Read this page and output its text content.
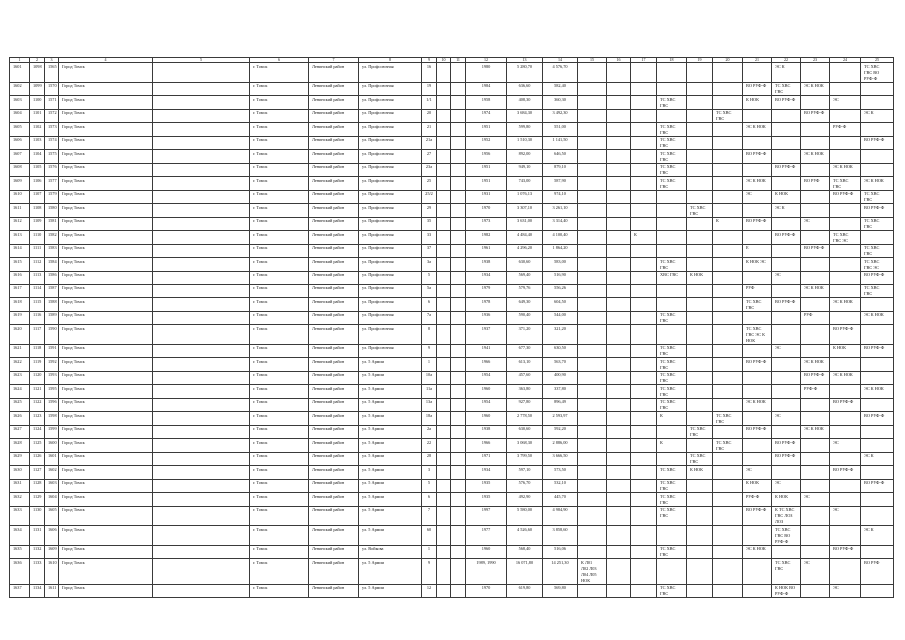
1	2	3	4	5	6	7	8	9	10	11	12	13	14	15	16	17	18	19	20	21	22	23	24	25
1601	1098	1565	Город Томск		г. Томск	Ленинский район	ул. Профсоюзная	16			1980	5 280,70	4 576,70								ЭС К			ТС ХВС
ГВС ВО
РУФ-Ф
1602	1099	1570	Город Томск		г. Томск	Ленинский район	ул. Профсоюзная	19			1984	636,60	582,40							ВО РУФ-Ф	ТС ХВС
ГВС	ЭС К НОК		
1603	1100	1571	Город Томск		г. Томск	Ленинский район	ул. Профсоюзная	1/1			1958	408,30	360,30				ТС ХВС
ГВС			К НОК	ВО РУФ-Ф		ЭС	
1604	1101	1572	Город Томск		г. Томск	Ленинский район	ул. Профсоюзная	20			1974	3 684,30	3 492,30						ТС ХВС
ГВС			ВО РУФ-Ф		ЭС К
1605	1102	1573	Город Томск		г. Томск	Ленинский район	ул. Профсоюзная	21			1951	599,80	551,00				ТС ХВС
ГВС			ЭС К НОК			РУФ-Ф	
1606	1103	1574	Город Томск		г. Томск	Ленинский район	ул. Профсоюзная	21а			1952	1 510,30	1 141,50				ТС ХВС
ГВС							ВО РУФ-Ф
1607	1104	1575	Город Томск		г. Томск	Ленинский район	ул. Профсоюзная	27			1956	892,00	646,50				ТС ХВС
ГВС			ВО РУФ-Ф		ЭС К НОК		
1608	1105	1576	Город Томск		г. Томск	Ленинский район	ул. Профсоюзная	23а			1951	949,10	879,10				ТС ХВС
ГВС				ВО РУФ-Ф		ЭС К НОК	
1609	1106	1577	Город Томск		г. Томск	Ленинский район	ул. Профсоюзная	25			1951	743,00	587,90				ТС ХВС
ГВС			ЭС К НОК		ВО РУФ	ТС ХВС
ГВС	ЭС К НОК
1610	1107	1579	Город Томск		г. Томск	Ленинский район	ул. Профсоюзная	25/2			1931	1 076,13	974,10							ЭС	К НОК		ВО РУФ-Ф	ТС ХВС
ГВС
1611	1108	1580	Город Томск		г. Томск	Ленинский район	ул. Профсоюзная	29			1970	3 307,10	3 261,10					ТС ХВС
ГВС			ЭС К			ВО РУФ-Ф
1612	1109	1581	Город Томск		г. Томск	Ленинский район	ул. Профсоюзная	35			1973	3 631,00	3 314,40						К	ВО РУФ-Ф		ЭС		ТС ХВС
ГВС
1613	1110	1582	Город Томск		г. Томск	Ленинский район	ул. Профсоюзная	33			1982	4 484,40	4 100,40			К					ВО РУФ-Ф		ТС ХВС
ГВС ЭС	
1614	1111	1583	Город Томск		г. Томск	Ленинский район	ул. Профсоюзная	37			1961	4 296,20	1 864,20							Е		ВО РУФ-Ф		ТС ХВС
ГВС
1615	1112	1584	Город Томск		г. Томск	Ленинский район	ул. Профсоюзная	3а			1938	630,60	583,00				ТС ХВС
ГВС			К НОК ЭС				ТС ХВС
ГВС ЭС
1616	1113	1586	Город Томск		г. Томск	Ленинский район	ул. Профсоюзная	5			1934	569,40	516,90				ХВС ГВС	К НОК			ЭС			ВО РУФ-Ф
1617	1114	1587	Город Томск		г. Томск	Ленинский район	ул. Профсоюзная	5а			1979	579,76	556,26							РУФ		ЭС К НОК		ТС ХВС
ГВС
1618	1115	1588	Город Томск		г. Томск	Ленинский район	ул. Профсоюзная	6			1978	649,30	604,50							ТС ХВС
ГВС	ВО РУФ-Ф		ЭС К НОК	
1619	1116	1589	Город Томск		г. Томск	Ленинский район	ул. Профсоюзная	7а			1936	590,40	544,00				ТС ХВС
ГВС					РУФ		ЭС К НОК
1620	1117	1590	Город Томск		г. Томск	Ленинский район	ул. Профсоюзная	8			1937	371,20	321,20							ТС ХВС
ГВС ЭС К
НОК			ВО РУФ-Ф	
1621	1118	1591	Город Томск		г. Томск	Ленинский район	ул. Профсоюзная	9			1941	677,30	630,50				ТС ХВС
ГВС				ЭС		К НОК	ВО РУФ-Ф
1622	1119	1592	Город Томск		г. Томск	Ленинский район	ул. 5 Армии	1			1966	613,10	563,70				ТС ХВС
ГВС			ВО РУФ-Ф		ЭС К НОК		
1623	1120	1593	Город Томск		г. Томск	Ленинский район	ул. 5 Армии	10а			1954	457,60	400,90				ТС ХВС
ГВС					ВО РУФ-Ф	ЭС К НОК	
1624	1121	1595	Город Томск		г. Томск	Ленинский район	ул. 5 Армии	11а			1960	363,80	337,80				ТС ХВС
ГВС					РУФ-Ф		ЭС К НОК
1625	1122	1596	Город Томск		г. Томск	Ленинский район	ул. 5 Армии	13а			1954	927,80	896,49				ТС ХВС
ГВС			ЭС К НОК			ВО РУФ-Ф	
1626	1123	1598	Город Томск		г. Томск	Ленинский район	ул. 5 Армии	18а			1960	2 778,50	2 593,97				К		ТС ХВС
ГВС		ЭС			ВО РУФ-Ф
1627	1124	1599	Город Томск		г. Томск	Ленинский район	ул. 5 Армии	2а			1938	630,60	592,20					ТС ХВС
ГВС		ВО РУФ-Ф		ЭС К НОК		
1628	1125	1600	Город Томск		г. Томск	Ленинский район	ул. 5 Армии	22			1966	3 068,30	2 886,00				К		ТС ХВС
ГВС		ВО РУФ-Ф		ЭС	
1629	1126	1601	Город Томск		г. Томск	Ленинский район	ул. 5 Армии	28			1971	3 799,50	3 666,50					ТС ХВС
ГВС			ВО РУФ-Ф			ЭС К
1630	1127	1602	Город Томск		г. Томск	Ленинский район	ул. 5 Армии	3			1934	597,10	573,50				ТС ХВС	К НОК		ЭС			ВО РУФ-Ф	
1631	1128	1603	Город Томск		г. Томск	Ленинский район	ул. 5 Армии	5			1935	576,70	532,10				ТС ХВС
ГВС			К НОК	ЭС			ВО РУФ-Ф
1632	1129	1604	Город Томск		г. Томск	Ленинский район	ул. 5 Армии	6			1935	492,90	445,70				ТС ХВС
ГВС			РУФ-Ф	К НОК	ЭС		
1633	1130	1605	Город Томск		г. Томск	Ленинский район	ул. 5 Армии	7			1997	5 580,00	4 984,90				ТС ХВС
ГВС			ВО РУФ-Ф	К ТС ХВС
ГВС ЛОЗ
ЛОЗ		ЭС	
1634	1131	1606	Город Томск		г. Томск	Ленинский район	ул. 5 Армии	60			1977	4 526,60	3 858,60								ТС ХВС
ГВС ВО
РУФ-Ф			ЭС К
1635	1132	1609	Город Томск		г. Томск	Ленинский район	ул. Войкова	1			1960	568,40	516,06				ТС ХВС
ГВС			ЭС К НОК			ВО РУФ-Ф	
1636	1133	1610	Город Томск		г. Томск	Ленинский район	ул. 5 Армии	9			1989, 1990	16 071,80	14 251,30	К Л01
Л02 Л03
Л04 Л05
НОК							ТС ХВС
ГВС	ЭС		ВО РУФ
1637	1134	1611	Город Томск		г. Томск	Ленинский район	ул. 5 Армии	12			1970	619,80	569,80				ТС ХВС
ГВС				К НОК ВО
РУФ-Ф		ЭС	
